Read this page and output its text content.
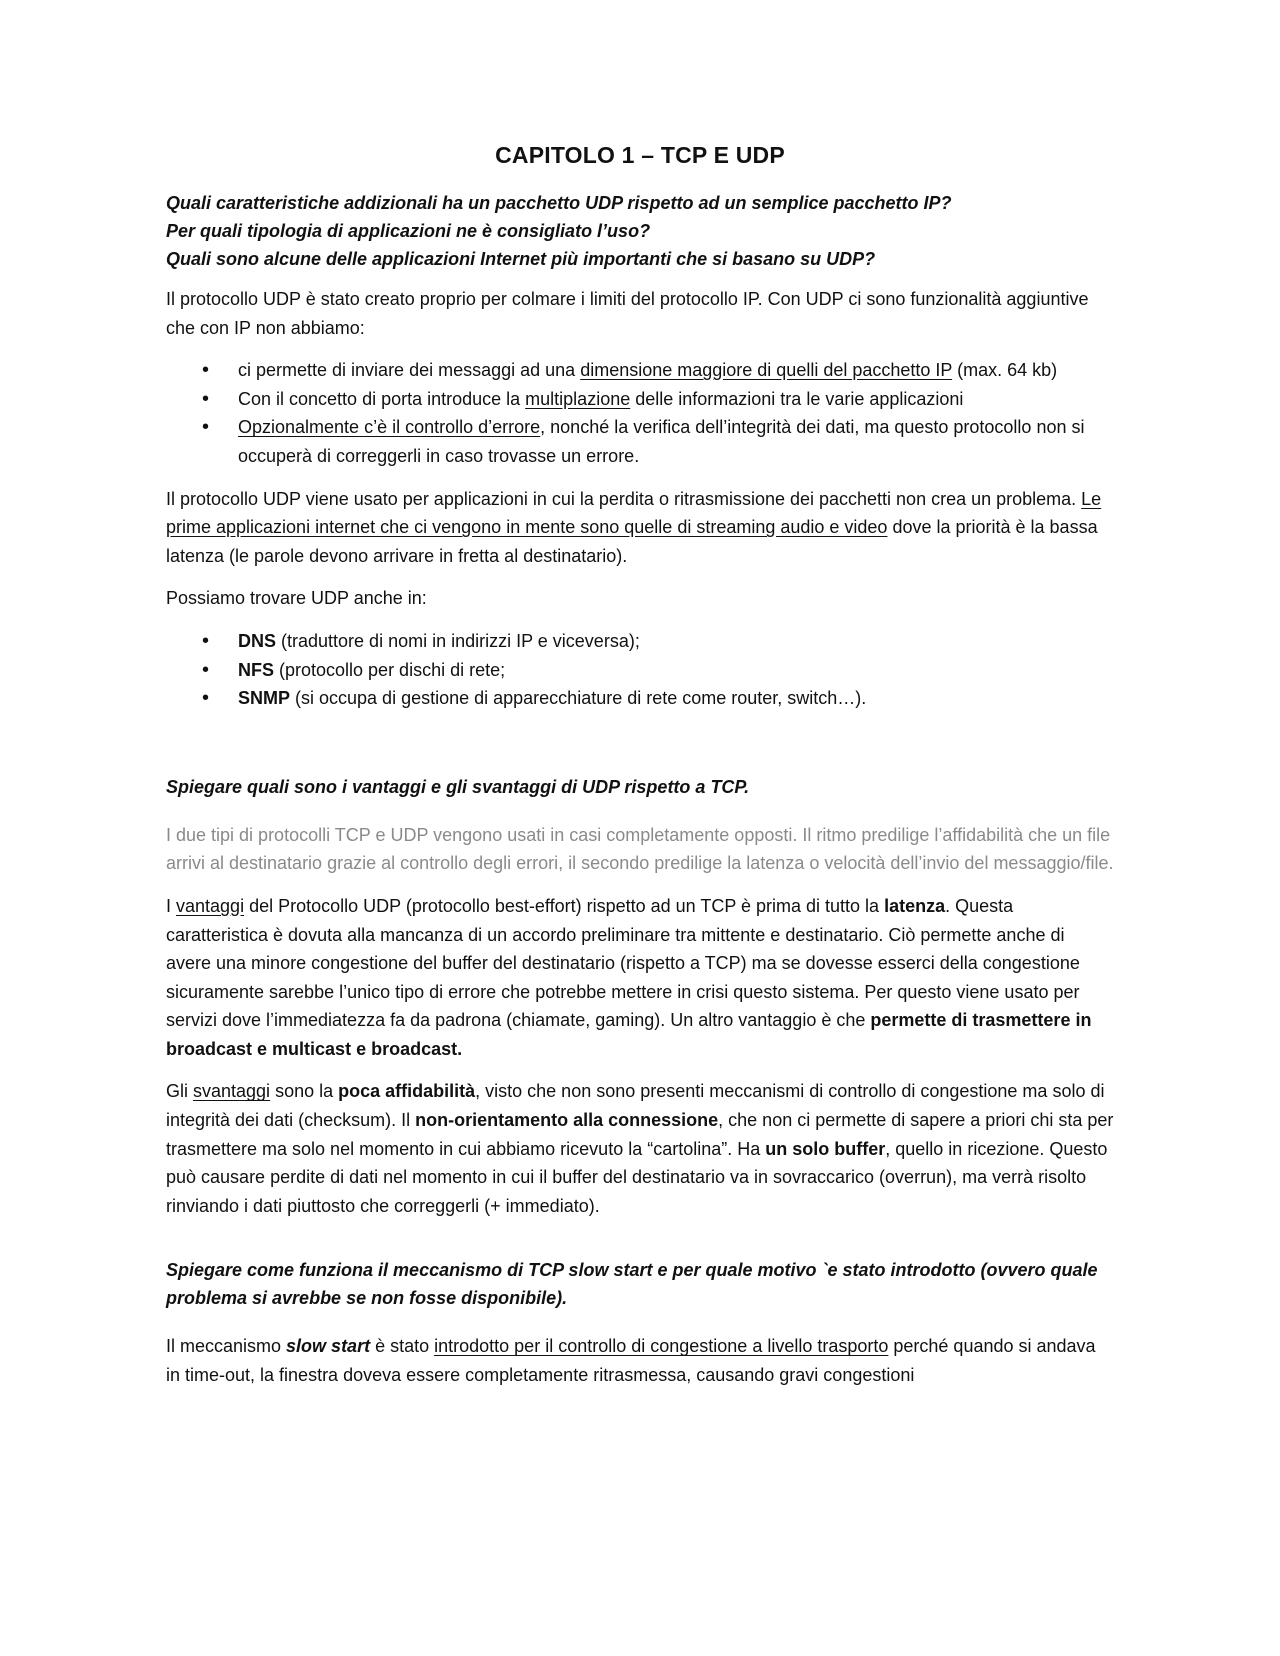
CAPITOLO 1 – TCP E UDP

Quali caratteristiche addizionali ha un pacchetto UDP rispetto ad un semplice pacchetto IP?

Per quali tipologia di applicazioni ne è consigliato l’uso?

Quali sono alcune delle applicazioni Internet più importanti che si basano su UDP?

Il protocollo UDP è stato creato proprio per colmare i limiti del protocollo IP. Con UDP ci sono funzionalità aggiuntive che con IP non abbiamo:

• ci permette di inviare dei messaggi ad una dimensione maggiore di quelli del pacchetto IP (max. 64 kb)
• Con il concetto di porta introduce la multiplazione delle informazioni tra le varie applicazioni
• Opzionalmente c’è il controllo d’errore, nonché la verifica dell’integrità dei dati, ma questo protocollo non si occuperà di correggerli in caso trovasse un errore.

Il protocollo UDP viene usato per applicazioni in cui la perdita o ritrasmissione dei pacchetti non crea un problema. Le prime applicazioni internet che ci vengono in mente sono quelle di streaming audio e video dove la priorità è la bassa latenza (le parole devono arrivare in fretta al destinatario).

Possiamo trovare UDP anche in:

• DNS (traduttore di nomi in indirizzi IP e viceversa);
• NFS (protocollo per dischi di rete;
• SNMP (si occupa di gestione di apparecchiature di rete come router, switch…).

Spiegare quali sono i vantaggi e gli svantaggi di UDP rispetto a TCP.

I due tipi di protocolli TCP e UDP vengono usati in casi completamente opposti. Il ritmo predilige l’affidabilità che un file arrivi al destinatario grazie al controllo degli errori, il secondo predilige la latenza o velocità dell’invio del messaggio/file.

I vantaggi del Protocollo UDP (protocollo best-effort) rispetto ad un TCP è prima di tutto la latenza. Questa caratteristica è dovuta alla mancanza di un accordo preliminare tra mittente e destinatario. Ciò permette anche di avere una minore congestione del buffer del destinatario (rispetto a TCP) ma se dovesse esserci della congestione sicuramente sarebbe l’unico tipo di errore che potrebbe mettere in crisi questo sistema. Per questo viene usato per servizi dove l’immediatezza fa da padrona (chiamate, gaming). Un altro vantaggio è che permette di trasmettere in broadcast e multicast e broadcast.

Gli svantaggi sono la poca affidabilità, visto che non sono presenti meccanismi di controllo di congestione ma solo di integrità dei dati (checksum). Il non-orientamento alla connessione, che non ci permette di sapere a priori chi sta per trasmettere ma solo nel momento in cui abbiamo ricevuto la “cartolina”. Ha un solo buffer, quello in ricezione. Questo può causare perdite di dati nel momento in cui il buffer del destinatario va in sovraccarico (overrun), ma verrà risolto rinviando i dati piuttosto che correggerli (+ immediato).

Spiegare come funziona il meccanismo di TCP slow start e per quale motivo `e stato introdotto (ovvero quale problema si avrebbe se non fosse disponibile).

Il meccanismo slow start è stato introdotto per il controllo di congestione a livello trasporto perché quando si andava in time-out, la finestra doveva essere completamente ritrasmessa, causando gravi congestioni
